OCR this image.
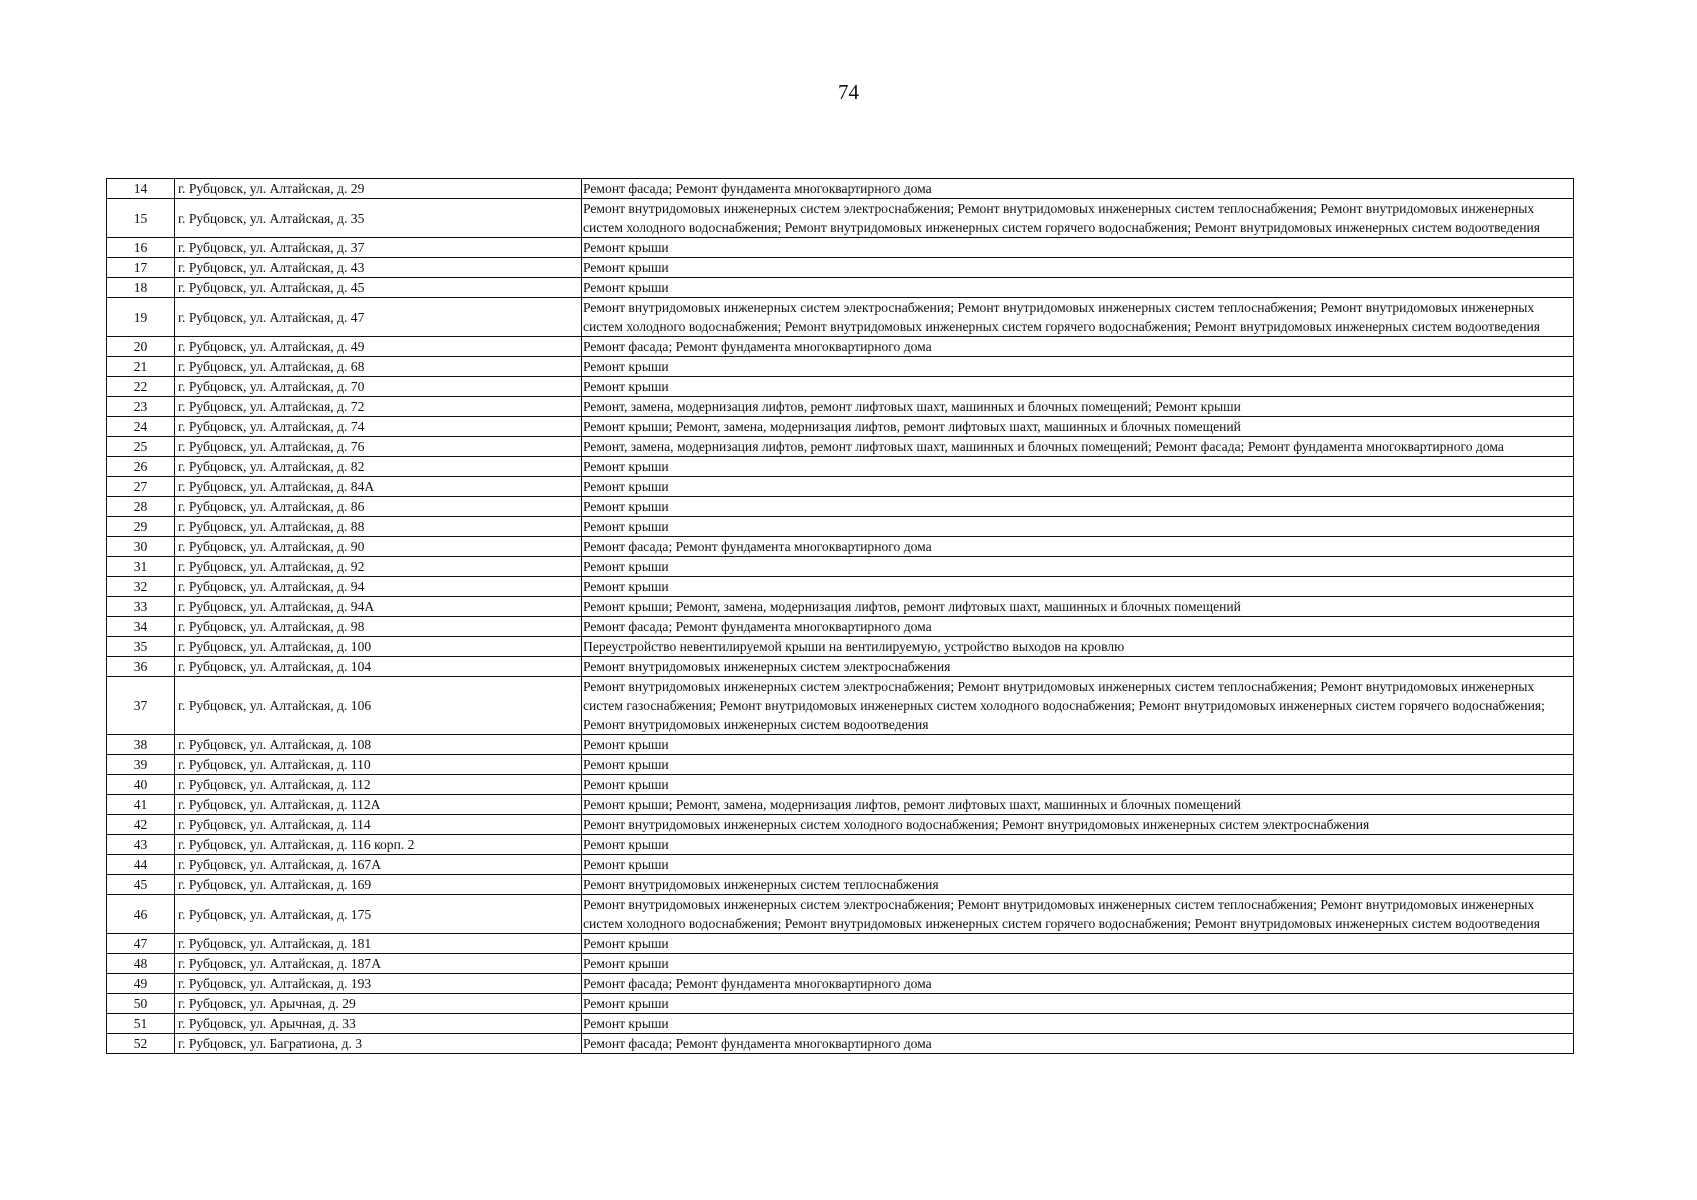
74
14	г. Рубцовск, ул. Алтайская, д. 29	Ремонт фасада; Ремонт фундамента многоквартирного дома
15	г. Рубцовск, ул. Алтайская, д. 35	Ремонт внутридомовых инженерных систем электроснабжения; Ремонт внутридомовых инженерных систем теплоснабжения; Ремонт внутридомовых инженерных систем холодного водоснабжения; Ремонт внутридомовых инженерных систем горячего водоснабжения; Ремонт внутридомовых инженерных систем водоотведения
16	г. Рубцовск, ул. Алтайская, д. 37	Ремонт крыши
17	г. Рубцовск, ул. Алтайская, д. 43	Ремонт крыши
18	г. Рубцовск, ул. Алтайская, д. 45	Ремонт крыши
19	г. Рубцовск, ул. Алтайская, д. 47	Ремонт внутридомовых инженерных систем электроснабжения; Ремонт внутридомовых инженерных систем теплоснабжения; Ремонт внутридомовых инженерных систем холодного водоснабжения; Ремонт внутридомовых инженерных систем горячего водоснабжения; Ремонт внутридомовых инженерных систем водоотведения
20	г. Рубцовск, ул. Алтайская, д. 49	Ремонт фасада; Ремонт фундамента многоквартирного дома
21	г. Рубцовск, ул. Алтайская, д. 68	Ремонт крыши
22	г. Рубцовск, ул. Алтайская, д. 70	Ремонт крыши
23	г. Рубцовск, ул. Алтайская, д. 72	Ремонт, замена, модернизация лифтов, ремонт лифтовых шахт, машинных и блочных помещений; Ремонт крыши
24	г. Рубцовск, ул. Алтайская, д. 74	Ремонт крыши; Ремонт, замена, модернизация лифтов, ремонт лифтовых шахт, машинных и блочных помещений
25	г. Рубцовск, ул. Алтайская, д. 76	Ремонт, замена, модернизация лифтов, ремонт лифтовых шахт, машинных и блочных помещений; Ремонт фасада; Ремонт фундамента многоквартирного дома
26	г. Рубцовск, ул. Алтайская, д. 82	Ремонт крыши
27	г. Рубцовск, ул. Алтайская, д. 84А	Ремонт крыши
28	г. Рубцовск, ул. Алтайская, д. 86	Ремонт крыши
29	г. Рубцовск, ул. Алтайская, д. 88	Ремонт крыши
30	г. Рубцовск, ул. Алтайская, д. 90	Ремонт фасада; Ремонт фундамента многоквартирного дома
31	г. Рубцовск, ул. Алтайская, д. 92	Ремонт крыши
32	г. Рубцовск, ул. Алтайская, д. 94	Ремонт крыши
33	г. Рубцовск, ул. Алтайская, д. 94А	Ремонт крыши; Ремонт, замена, модернизация лифтов, ремонт лифтовых шахт, машинных и блочных помещений
34	г. Рубцовск, ул. Алтайская, д. 98	Ремонт фасада; Ремонт фундамента многоквартирного дома
35	г. Рубцовск, ул. Алтайская, д. 100	Переустройство невентилируемой крыши на вентилируемую, устройство выходов на кровлю
36	г. Рубцовск, ул. Алтайская, д. 104	Ремонт внутридомовых инженерных систем электроснабжения
37	г. Рубцовск, ул. Алтайская, д. 106	Ремонт внутридомовых инженерных систем электроснабжения; Ремонт внутридомовых инженерных систем теплоснабжения; Ремонт внутридомовых инженерных систем газоснабжения; Ремонт внутридомовых инженерных систем холодного водоснабжения; Ремонт внутридомовых инженерных систем горячего водоснабжения; Ремонт внутридомовых инженерных систем водоотведения
38	г. Рубцовск, ул. Алтайская, д. 108	Ремонт крыши
39	г. Рубцовск, ул. Алтайская, д. 110	Ремонт крыши
40	г. Рубцовск, ул. Алтайская, д. 112	Ремонт крыши
41	г. Рубцовск, ул. Алтайская, д. 112А	Ремонт крыши; Ремонт, замена, модернизация лифтов, ремонт лифтовых шахт, машинных и блочных помещений
42	г. Рубцовск, ул. Алтайская, д. 114	Ремонт внутридомовых инженерных систем холодного водоснабжения; Ремонт внутридомовых инженерных систем электроснабжения
43	г. Рубцовск, ул. Алтайская, д. 116 корп. 2	Ремонт крыши
44	г. Рубцовск, ул. Алтайская, д. 167А	Ремонт крыши
45	г. Рубцовск, ул. Алтайская, д. 169	Ремонт внутридомовых инженерных систем теплоснабжения
46	г. Рубцовск, ул. Алтайская, д. 175	Ремонт внутридомовых инженерных систем электроснабжения; Ремонт внутридомовых инженерных систем теплоснабжения; Ремонт внутридомовых инженерных систем холодного водоснабжения; Ремонт внутридомовых инженерных систем горячего водоснабжения; Ремонт внутридомовых инженерных систем водоотведения
47	г. Рубцовск, ул. Алтайская, д. 181	Ремонт крыши
48	г. Рубцовск, ул. Алтайская, д. 187А	Ремонт крыши
49	г. Рубцовск, ул. Алтайская, д. 193	Ремонт фасада; Ремонт фундамента многоквартирного дома
50	г. Рубцовск, ул. Арычная, д. 29	Ремонт крыши
51	г. Рубцовск, ул. Арычная, д. 33	Ремонт крыши
52	г. Рубцовск, ул. Багратиона, д. 3	Ремонт фасада; Ремонт фундамента многоквартирного дома
